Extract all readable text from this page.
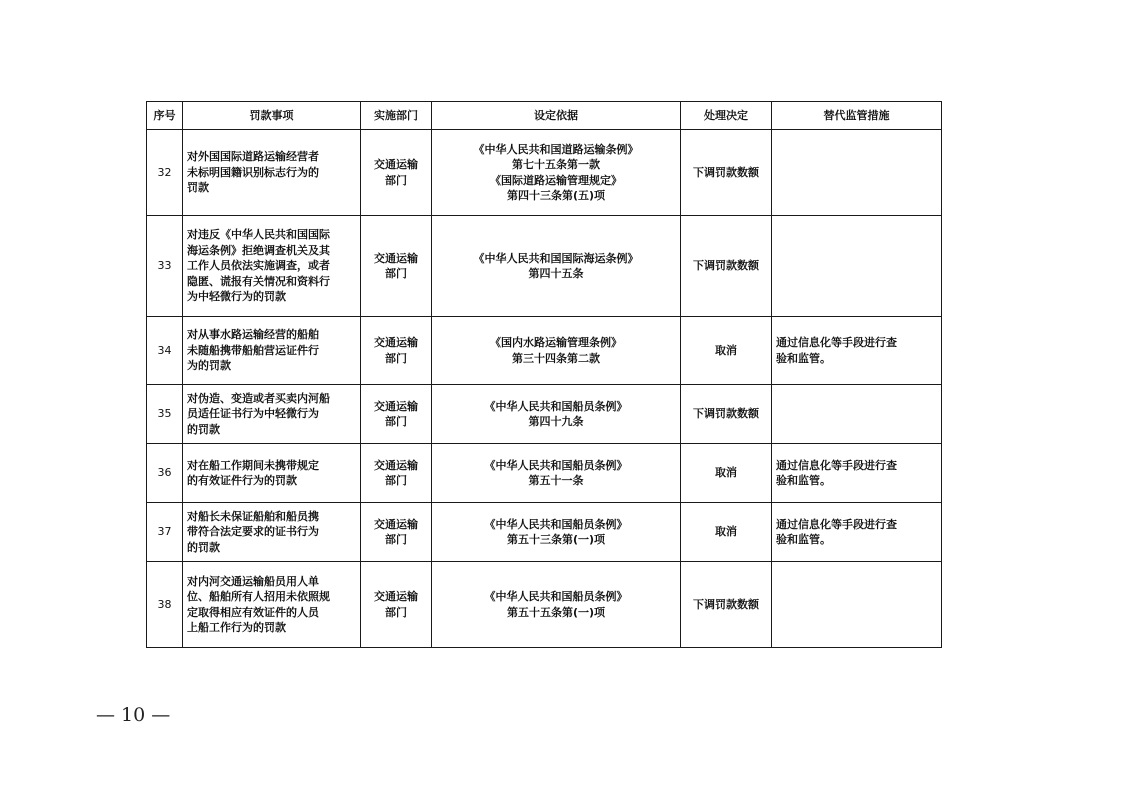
序号	罚款事项	实施部门	设定依据	处理决定	替代监管措施
32	对外国国际道路运输经营者
未标明国籍识别标志行为的
罚款	交通运输
部门	《中华人民共和国道路运输条例》
第七十五条第一款
《国际道路运输管理规定》
第四十三条第(五)项	下调罚款数额	
33	对违反《中华人民共和国国际
海运条例》拒绝调查机关及其
工作人员依法实施调查，或者
隐匿、谎报有关情况和资料行
为中轻微行为的罚款	交通运输
部门	《中华人民共和国国际海运条例》
第四十五条	下调罚款数额	
34	对从事水路运输经营的船舶
未随船携带船舶营运证件行
为的罚款	交通运输
部门	《国内水路运输管理条例》
第三十四条第二款	取消	通过信息化等手段进行查
验和监管。

35	对伪造、变造或者买卖内河船
员适任证书行为中轻微行为
的罚款	交通运输
部门	《中华人民共和国船员条例》
第四十九条	下调罚款数额	
36	对在船工作期间未携带规定
的有效证件行为的罚款	交通运输
部门	《中华人民共和国船员条例》
第五十一条	取消	通过信息化等手段进行查
验和监管。

37	对船长未保证船舶和船员携
带符合法定要求的证书行为
的罚款	交通运输
部门	《中华人民共和国船员条例》
第五十三条第(一)项	取消	通过信息化等手段进行查
验和监管。

38	对内河交通运输船员用人单
位、船舶所有人招用未依照规
定取得相应有效证件的人员
上船工作行为的罚款	交通运输
部门	《中华人民共和国船员条例》
第五十五条第(一)项	下调罚款数额	
— 10 —
